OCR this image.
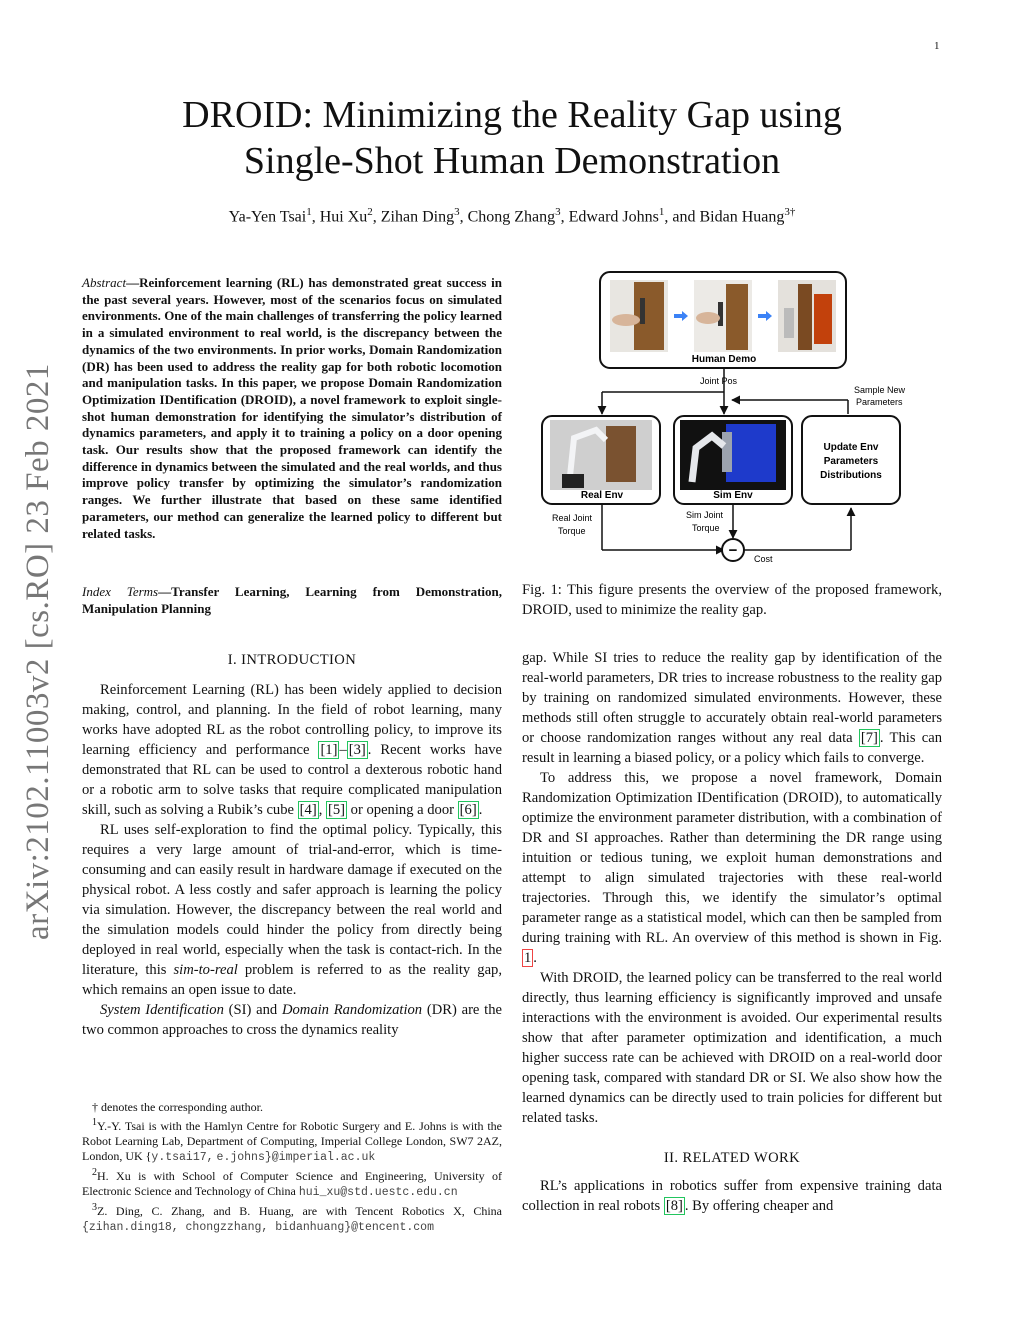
1
arXiv:2102.11003v2 [cs.RO] 23 Feb 2021
DROID: Minimizing the Reality Gap using
Single-Shot Human Demonstration
Ya-Yen Tsai$^1$, Hui Xu$^2$, Zihan Ding$^3$, Chong Zhang$^3$, Edward Johns$^1$, and Bidan Huang$^{3\dagger}$
Abstract—Reinforcement learning (RL) has demonstrated great success in the past several years. However, most of the scenarios focus on simulated environments. One of the main challenges of transferring the policy learned in a simulated environment to real world, is the discrepancy between the dynamics of the two environments. In prior works, Domain Randomization (DR) has been used to address the reality gap for both robotic locomotion and manipulation tasks. In this paper, we propose Domain Randomization Optimization IDentification (DROID), a novel framework to exploit single-shot human demonstration for identifying the simulator’s distribution of dynamics parameters, and apply it to training a policy on a door opening task. Our results show that the proposed framework can identify the difference in dynamics between the simulated and the real worlds, and thus improve policy transfer by optimizing the simulator’s randomization ranges. We further illustrate that based on these same identified parameters, our method can generalize the learned policy to different but related tasks.
Index Terms—Transfer Learning, Learning from Demonstration, Manipulation Planning
I. INTRODUCTION

Reinforcement Learning (RL) has been widely applied to decision making, control, and planning. In the field of robot learning, many works have adopted RL as the robot controlling policy, to improve its learning efficiency and performance [1] – [3] . Recent works have demonstrated that RL can be used to control a dexterous robotic hand or a robotic arm to solve tasks that require complicated manipulation skill, such as solving a Rubik’s cube [4] , [5] or opening a door [6] .

RL uses self-exploration to find the optimal policy. Typically, this requires a very large amount of trial-and-error, which is time-consuming and can easily result in hardware damage if executed on the physical robot. A less costly and safer approach is learning the policy via simulation. However, the discrepancy between the real world and the simulation models could hinder the policy from directly being deployed in real world, especially when the task is contact-rich. In the literature, this sim-to-real problem is referred to as the reality gap, which remains an open issue to date.

System Identification (SI) and Domain Randomization (DR) are the two common approaches to cross the dynamics reality

† denotes the corresponding author.

$^1$Y.-Y. Tsai is with the Hamlyn Centre for Robotic Surgery and E. Johns is with the Robot Learning Lab, Department of Computing, Imperial College London, SW7 2AZ, London, UK {y.tsai17, e.johns}@imperial.ac.uk

$^2$H. Xu is with School of Computer Science and Engineering, University of Electronic Science and Technology of China hui_xu@std.uestc.edu.cn

$^3$Z. Ding, C. Zhang, and B. Huang, are with Tencent Robotics X, China {zihan.ding18, chongzzhang, bidanhuang}@tencent.com

Human Demo
Joint Pos
Sample New
Parameters
Real Env	Sim Env
Update Env
Parameters
Distributions
− Cost
Real Joint
Torque
Sim Joint
Torque
Fig. 1: This figure presents the overview of the proposed framework, DROID, used to minimize the reality gap.

gap. While SI tries to reduce the reality gap by identification of the real-world parameters, DR tries to increase robustness to the reality gap by training on randomized simulated environments. However, these methods still often struggle to accurately obtain real-world parameters or choose randomization ranges without any real data [7] . This can result in learning a biased policy, or a policy which fails to converge.

To address this, we propose a novel framework, Domain Randomization Optimization IDentification (DROID), to automatically optimize the environment parameter distribution, with a combination of DR and SI approaches. Rather than determining the DR range using intuition or tedious tuning, we exploit human demonstrations and attempt to align simulated trajectories with these real-world trajectories. Through this, we identify the simulator’s optimal parameter range as a statistical model, which can then be sampled from during training with RL. An overview of this method is shown in Fig. 1 .

With DROID, the learned policy can be transferred to the real world directly, thus learning efficiency is significantly improved and unsafe interactions with the environment is avoided. Our experimental results show that after parameter optimization and identification, a much higher success rate can be achieved with DROID on a real-world door opening task, compared with standard DR or SI. We also show how the learned dynamics can be directly used to train policies for different but related tasks.

II. RELATED WORK

RL’s applications in robotics suffer from expensive training data collection in real robots [8] . By offering cheaper and
